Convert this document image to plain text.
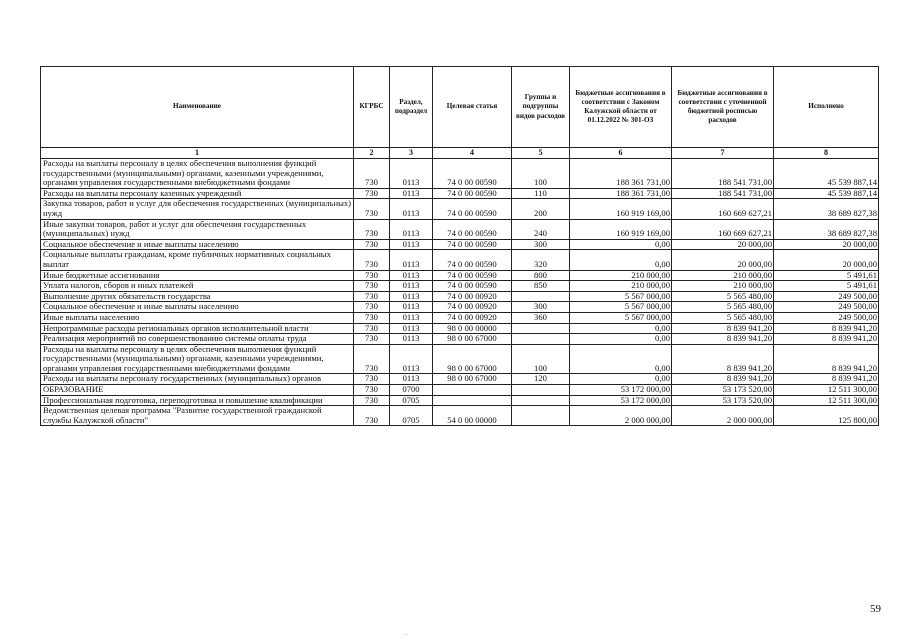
Наименование	КГРБС	Раздел, подраздел	Целевая статья	Группы и подгруппы видов расходов	Бюджетные ассигнования в соответствии с Законом Калужской области от 01.12.2022 № 301-ОЗ	Бюджетные ассигнования в соответствии с уточненной бюджетной росписью расходов	Исполнено
1	2	3	4	5	6	7	8
Расходы на выплаты персоналу в целях обеспечения выполнения функций государственными (муниципальными) органами, казенными учреждениями, органами управления государственными внебюджетными фондами	730	0113	74 0 00 00590	100	188 361 731,00	188 541 731,00	45 539 887,14
Расходы на выплаты персоналу казенных учреждений	730	0113	74 0 00 00590	110	188 361 731,00	188 541 731,00	45 539 887,14
Закупка товаров, работ и услуг для обеспечения государственных (муниципальных) нужд	730	0113	74 0 00 00590	200	160 919 169,00	160 669 627,21	38 689 827,38
Иные закупки товаров, работ и услуг для обеспечения государственных (муниципальных) нужд	730	0113	74 0 00 00590	240	160 919 169,00	160 669 627,21	38 689 827,38
Социальное обеспечение и иные выплаты населению	730	0113	74 0 00 00590	300	0,00	20 000,00	20 000,00
Социальные выплаты гражданам, кроме публичных нормативных социальных выплат	730	0113	74 0 00 00590	320	0,00	20 000,00	20 000,00
Иные бюджетные ассигнования	730	0113	74 0 00 00590	800	210 000,00	210 000,00	5 491,61
Уплата налогов, сборов и иных платежей	730	0113	74 0 00 00590	850	210 000,00	210 000,00	5 491,61
Выполнение других обязательств государства	730	0113	74 0 00 00920		5 567 000,00	5 565 480,00	249 500,00
Социальное обеспечение и иные выплаты населению	730	0113	74 0 00 00920	300	5 567 000,00	5 565 480,00	249 500,00
Иные выплаты населению	730	0113	74 0 00 00920	360	5 567 000,00	5 565 480,00	249 500,00
Непрограммные расходы региональных органов исполнительной власти	730	0113	98 0 00 00000		0,00	8 839 941,20	8 839 941,20
Реализация мероприятий по совершенствованию системы оплаты труда	730	0113	98 0 00 67000		0,00	8 839 941,20	8 839 941,20
Расходы на выплаты персоналу в целях обеспечения выполнения функций государственными (муниципальными) органами, казенными учреждениями, органами управления государственными внебюджетными фондами	730	0113	98 0 00 67000	100	0,00	8 839 941,20	8 839 941,20
Расходы на выплаты персоналу государственных (муниципальных) органов	730	0113	98 0 00 67000	120	0,00	8 839 941,20	8 839 941,20
ОБРАЗОВАНИЕ	730	0700			53 172 000,00	53 173 520,00	12 511 300,00
Профессиональная подготовка, переподготовка и повышение квалификации	730	0705			53 172 000,00	53 173 520,00	12 511 300,00
Ведомственная целевая программа "Развитие государственной гражданской службы Калужской области"	730	0705	54 0 00 00000		2 000 000,00	2 000 000,00	125 800,00
59
.
